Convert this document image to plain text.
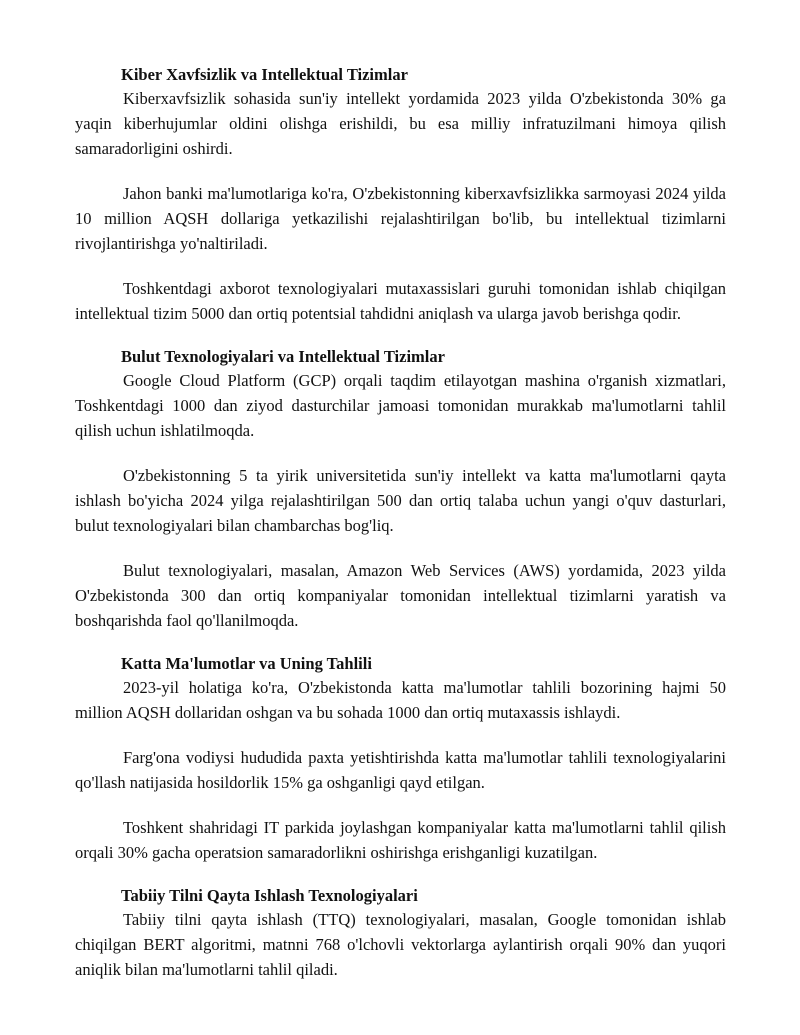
Kiber Xavfsizlik va Intellektual Tizimlar

Kiberxavfsizlik sohasida sun'iy intellekt yordamida 2023 yilda O'zbekistonda 30% ga yaqin kiberhujumlar oldini olishga erishildi, bu esa milliy infratuzilmani himoya qilish samaradorligini oshirdi.

Jahon banki ma'lumotlariga ko'ra, O'zbekistonning kiberxavfsizlikka sarmoyasi 2024 yilda 10 million AQSH dollariga yetkazilishi rejalashtirilgan bo'lib, bu intellektual tizimlarni rivojlantirishga yo'naltiriladi.

Toshkentdagi axborot texnologiyalari mutaxassislari guruhi tomonidan ishlab chiqilgan intellektual tizim 5000 dan ortiq potentsial tahdidni aniqlash va ularga javob berishga qodir.

Bulut Texnologiyalari va Intellektual Tizimlar

Google Cloud Platform (GCP) orqali taqdim etilayotgan mashina o'rganish xizmatlari, Toshkentdagi 1000 dan ziyod dasturchilar jamoasi tomonidan murakkab ma'lumotlarni tahlil qilish uchun ishlatilmoqda.

O'zbekistonning 5 ta yirik universitetida sun'iy intellekt va katta ma'lumotlarni qayta ishlash bo'yicha 2024 yilga rejalashtirilgan 500 dan ortiq talaba uchun yangi o'quv dasturlari, bulut texnologiyalari bilan chambarchas bog'liq.

Bulut texnologiyalari, masalan, Amazon Web Services (AWS) yordamida, 2023 yilda O'zbekistonda 300 dan ortiq kompaniyalar tomonidan intellektual tizimlarni yaratish va boshqarishda faol qo'llanilmoqda.

Katta Ma'lumotlar va Uning Tahlili

2023-yil holatiga ko'ra, O'zbekistonda katta ma'lumotlar tahlili bozorining hajmi 50 million AQSH dollaridan oshgan va bu sohada 1000 dan ortiq mutaxassis ishlaydi.

Farg'ona vodiysi hududida paxta yetishtirishda katta ma'lumotlar tahlili texnologiyalarini qo'llash natijasida hosildorlik 15% ga oshganligi qayd etilgan.

Toshkent shahridagi IT parkida joylashgan kompaniyalar katta ma'lumotlarni tahlil qilish orqali 30% gacha operatsion samaradorlikni oshirishga erishganligi kuzatilgan.

Tabiiy Tilni Qayta Ishlash Texnologiyalari

Tabiiy tilni qayta ishlash (TTQ) texnologiyalari, masalan, Google tomonidan ishlab chiqilgan BERT algoritmi, matnni 768 o'lchovli vektorlarga aylantirish orqali 90% dan yuqori aniqlik bilan ma'lumotlarni tahlil qiladi.
